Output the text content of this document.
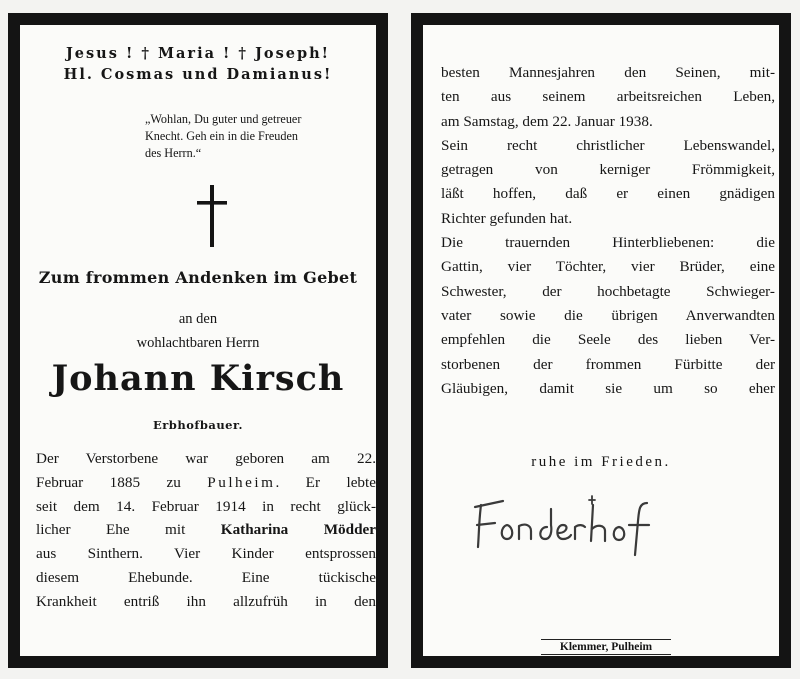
Jesus ! † Maria ! † Joseph!

Hl. Cosmas und Damianus!

„Wohlan, Du guter und getreuer
Knecht. Geh ein in die Freuden
des Herrn.“

Zum frommen Andenken im Gebet

an den

wohlachtbaren Herrn

Johann Kirsch

Erbhofbauer.

Der Verstorbene war geboren am 22.
Februar 1885 zu Pulheim. Er lebte
seit dem 14. Februar 1914 in recht glück-
licher Ehe mit Katharina Mödder
aus Sinthern. Vier Kinder entsprossen
diesem Ehebunde. Eine tückische
Krankheit entriß ihn allzufrüh in den
besten Mannesjahren den Seinen, mit-
ten aus seinem arbeitsreichen Leben,
am Samstag, dem 22. Januar 1938.
Sein recht christlicher Lebenswandel,
getragen von kerniger Frömmigkeit,
läßt hoffen, daß er einen gnädigen
Richter gefunden hat.
Die trauernden Hinterbliebenen: die
Gattin, vier Töchter, vier Brüder, eine
Schwester, der hochbetagte Schwieger-
vater sowie die übrigen Anverwandten
empfehlen die Seele des lieben Ver-
storbenen der frommen Fürbitte der
Gläubigen, damit sie um so eher

ruhe im Frieden.

Klemmer, Pulheim
